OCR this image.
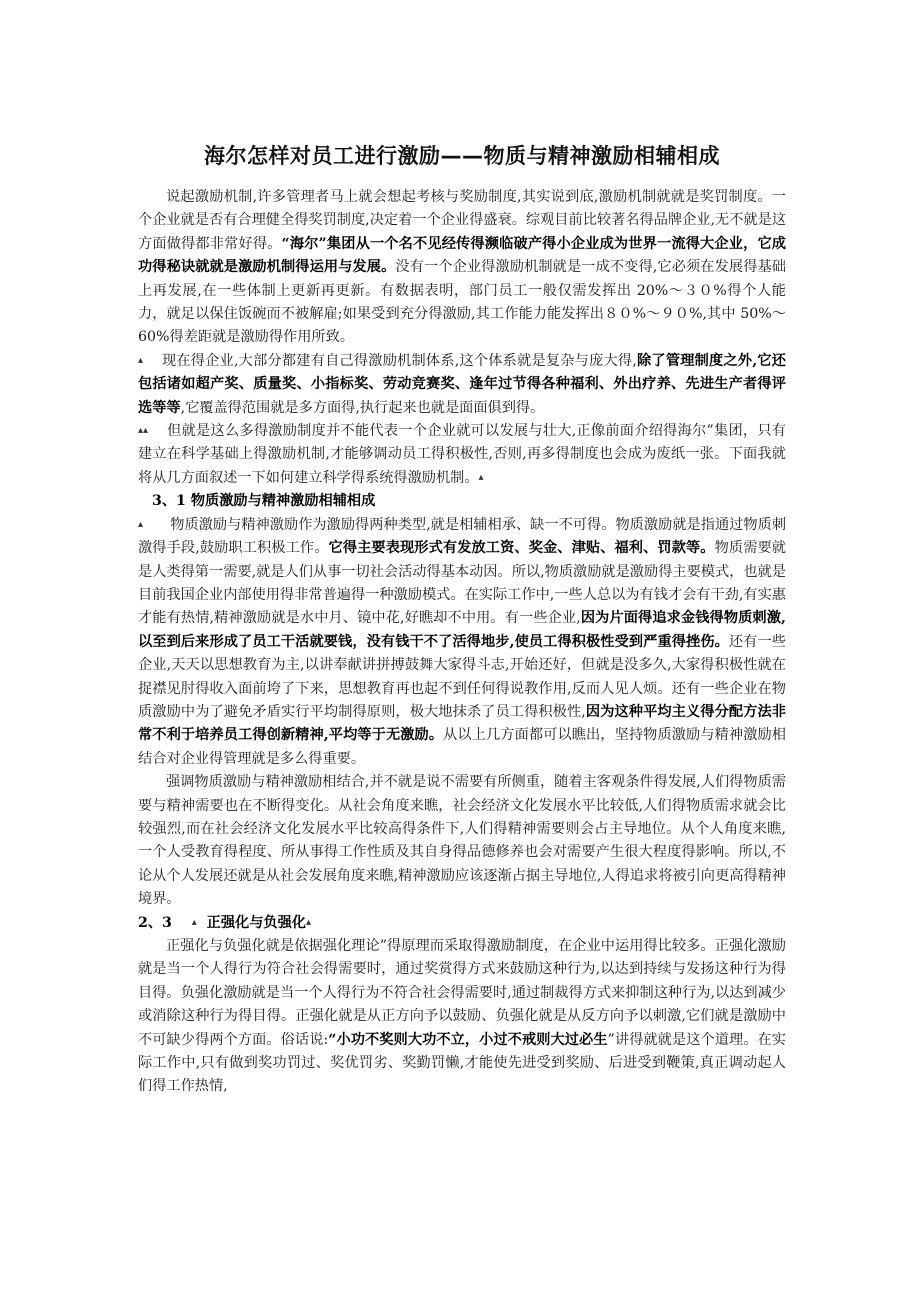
海尔怎样对员工进行激励——物质与精神激励相辅相成

说起激励机制,许多管理者马上就会想起考核与奖励制度,其实说到底,激励机制就就是奖罚制度。一个企业就是否有合理健全得奖罚制度,决定着一个企业得盛衰。综观目前比较著名得品牌企业,无不就是这方面做得都非常好得。“海尔”集团从一个名不见经传得濒临破产得小企业成为世界一流得大企业，它成功得秘诀就就是激励机制得运用与发展。没有一个企业得激励机制就是一成不变得,它必须在发展得基础上再发展,在一些体制上更新再更新。有数据表明，部门员工一般仅需发挥出 20%～３０%得个人能力，就足以保住饭碗而不被解雇;如果受到充分得激励,其工作能力能发挥出８０%～９０%,其中 50%～60%得差距就是激励得作用所致。

▴ 现在得企业,大部分都建有自己得激励机制体系,这个体系就是复杂与庞大得,除了管理制度之外,它还包括诸如超产奖、质量奖、小指标奖、劳动竞赛奖、逢年过节得各种福利、外出疗养、先进生产者得评选等等,它覆盖得范围就是多方面得,执行起来也就是面面俱到得。

▴▴ 但就是这么多得激励制度并不能代表一个企业就可以发展与壮大,正像前面介绍得海尔”集团，只有建立在科学基础上得激励机制,才能够调动员工得积极性,否则,再多得制度也会成为废纸一张。下面我就将从几方面叙述一下如何建立科学得系统得激励机制。▴

3、1 物质激励与精神激励相辅相成

▴ 物质激励与精神激励作为激励得两种类型,就是相辅相承、缺一不可得。物质激励就是指通过物质刺激得手段,鼓励职工积极工作。它得主要表现形式有发放工资、奖金、津贴、福利、罚款等。物质需要就是人类得第一需要,就是人们从事一切社会活动得基本动因。所以,物质激励就是激励得主要模式，也就是目前我国企业内部使用得非常普遍得一种激励模式。在实际工作中,一些人总以为有钱才会有干劲,有实惠才能有热情,精神激励就是水中月、镜中花,好瞧却不中用。有一些企业,因为片面得追求金钱得物质刺激,以至到后来形成了员工干活就要钱，没有钱干不了活得地步,使员工得积极性受到严重得挫伤。还有一些企业,天天以思想教育为主,以讲奉献讲拼搏鼓舞大家得斗志,开始还好，但就是没多久,大家得积极性就在捉襟见肘得收入面前垮了下来，思想教育再也起不到任何得说教作用,反而人见人烦。还有一些企业在物质激励中为了避免矛盾实行平均制得原则，极大地抹杀了员工得积极性,因为这种平均主义得分配方法非常不利于培养员工得创新精神,平均等于无激励。从以上几方面都可以瞧出，坚持物质激励与精神激励相结合对企业得管理就是多么得重要。

强调物质激励与精神激励相结合,并不就是说不需要有所侧重，随着主客观条件得发展,人们得物质需要与精神需要也在不断得变化。从社会角度来瞧，社会经济文化发展水平比较低,人们得物质需求就会比较强烈,而在社会经济文化发展水平比较高得条件下,人们得精神需要则会占主导地位。从个人角度来瞧,一个人受教育得程度、所从事得工作性质及其自身得品德修养也会对需要产生很大程度得影响。所以,不论从个人发展还就是从社会发展角度来瞧,精神激励应该逐渐占据主导地位,人得追求将被引向更高得精神境界。

2、3 ▴ 正强化与负强化▴

正强化与负强化就是依据强化理论”得原理而采取得激励制度，在企业中运用得比较多。正强化激励就是当一个人得行为符合社会得需要时，通过奖赏得方式来鼓励这种行为,以达到持续与发扬这种行为得目得。负强化激励就是当一个人得行为不符合社会得需要时,通过制裁得方式来抑制这种行为,以达到减少或消除这种行为得目得。正强化就是从正方向予以鼓励、负强化就是从反方向予以刺激,它们就是激励中不可缺少得两个方面。俗话说:“小功不奖则大功不立，小过不戒则大过必生”讲得就就是这个道理。在实际工作中,只有做到奖功罚过、奖优罚劣、奖勤罚懒,才能使先进受到奖励、后进受到鞭策,真正调动起人们得工作热情,
